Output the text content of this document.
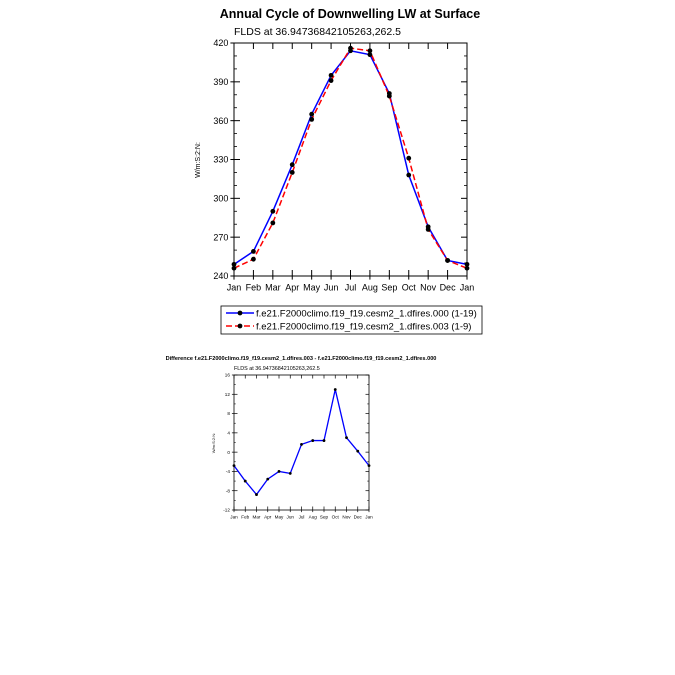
Annual Cycle of Downwelling LW at Surface
FLDS at 36.94736842105263,262.5
W/m:S:2:N:
240
270
300
330
360
390
420
Jan Feb Mar Apr May Jun Jul Aug Sep Oct Nov Dec Jan
f.e21.F2000climo.f19_f19.cesm2_1.dfires.000 (1-19)
f.e21.F2000climo.f19_f19.cesm2_1.dfires.003 (1-9)
Difference f.e21.F2000climo.f19_f19.cesm2_1.dfires.003 - f.e21.F2000climo.f19_f19.cesm2_1.dfires.000
FLDS at 36.94736842105263,262.5
W/m:S:2:N:
-12
-8
-4
0
4
8
12
16
Jan Feb Mar Apr May Jun Jul Aug Sep Oct Nov Dec Jan
